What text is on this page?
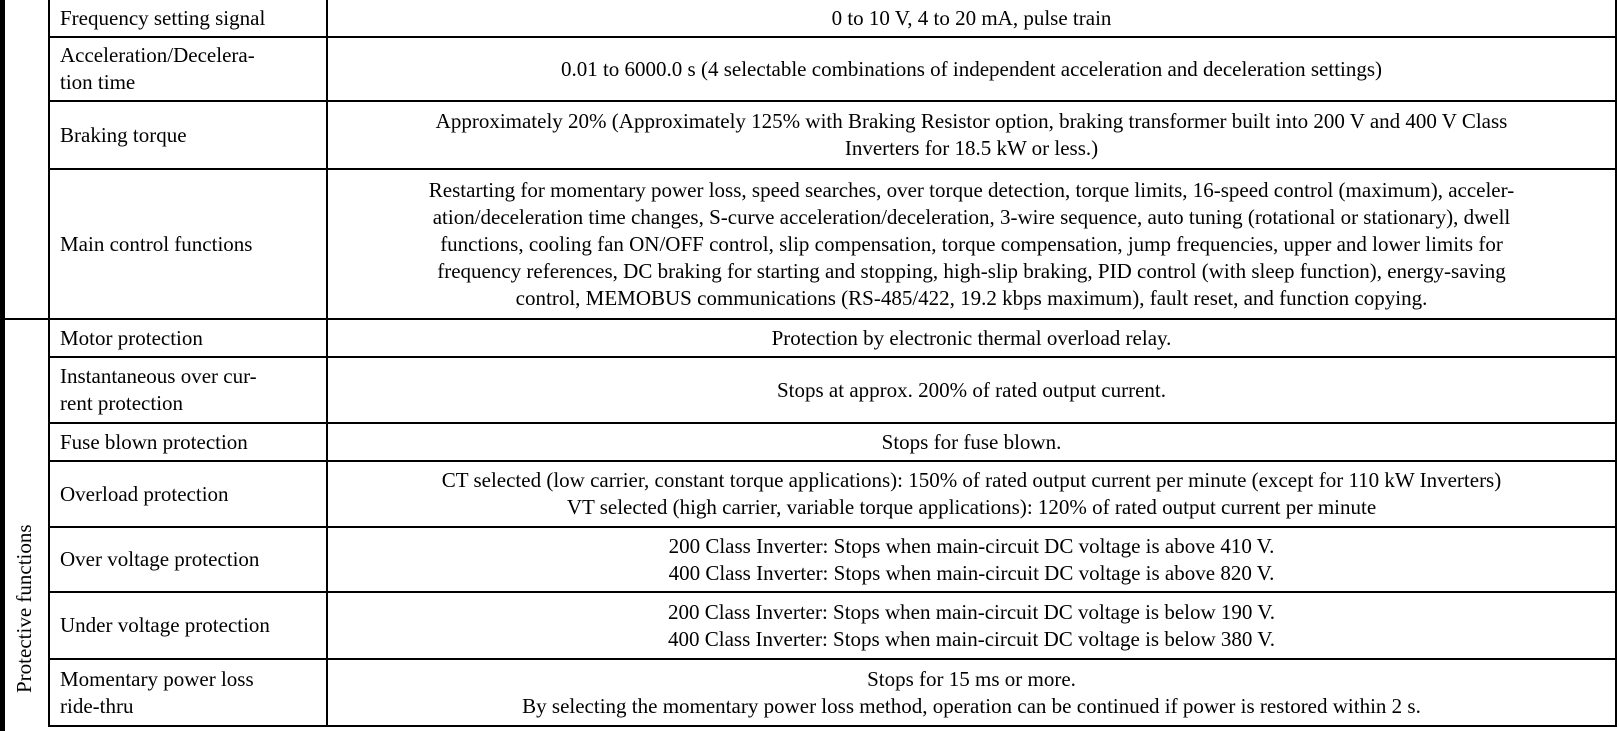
	Frequency setting signal	0 to 10 V, 4 to 20 mA, pulse train

	Acceleration/Decelera-
tion time	0.01 to 6000.0 s (4 selectable combinations of independent acceleration and deceleration settings)

	Braking torque	Approximately 20% (Approximately 125% with Braking Resistor option, braking transformer built into 200 V and 400 V Class
Inverters for 18.5 kW or less.)

	Main control functions	Restarting for momentary power loss, speed searches, over torque detection, torque limits, 16-speed control (maximum), acceler-
ation/deceleration time changes, S-curve acceleration/deceleration, 3-wire sequence, auto tuning (rotational or stationary), dwell
functions, cooling fan ON/OFF control, slip compensation, torque compensation, jump frequencies, upper and lower limits for
frequency references, DC braking for starting and stopping, high-slip braking, PID control (with sleep function), energy-saving
control, MEMOBUS communications (RS-485/422, 19.2 kbps maximum), fault reset, and function copying.

Protective functions	Motor protection	Protection by electronic thermal overload relay.

	Instantaneous over cur-
rent protection	Stops at approx. 200% of rated output current.

	Fuse blown protection	Stops for fuse blown.

	Overload protection	CT selected (low carrier, constant torque applications): 150% of rated output current per minute (except for 110 kW Inverters)
VT selected (high carrier, variable torque applications): 120% of rated output current per minute

	Over voltage protection	200 Class Inverter: Stops when main-circuit DC voltage is above 410 V.
400 Class Inverter: Stops when main-circuit DC voltage is above 820 V.

	Under voltage protection	200 Class Inverter: Stops when main-circuit DC voltage is below 190 V.
400 Class Inverter: Stops when main-circuit DC voltage is below 380 V.

	Momentary power loss
ride-thru	Stops for 15 ms or more.
By selecting the momentary power loss method, operation can be continued if power is restored within 2 s.
